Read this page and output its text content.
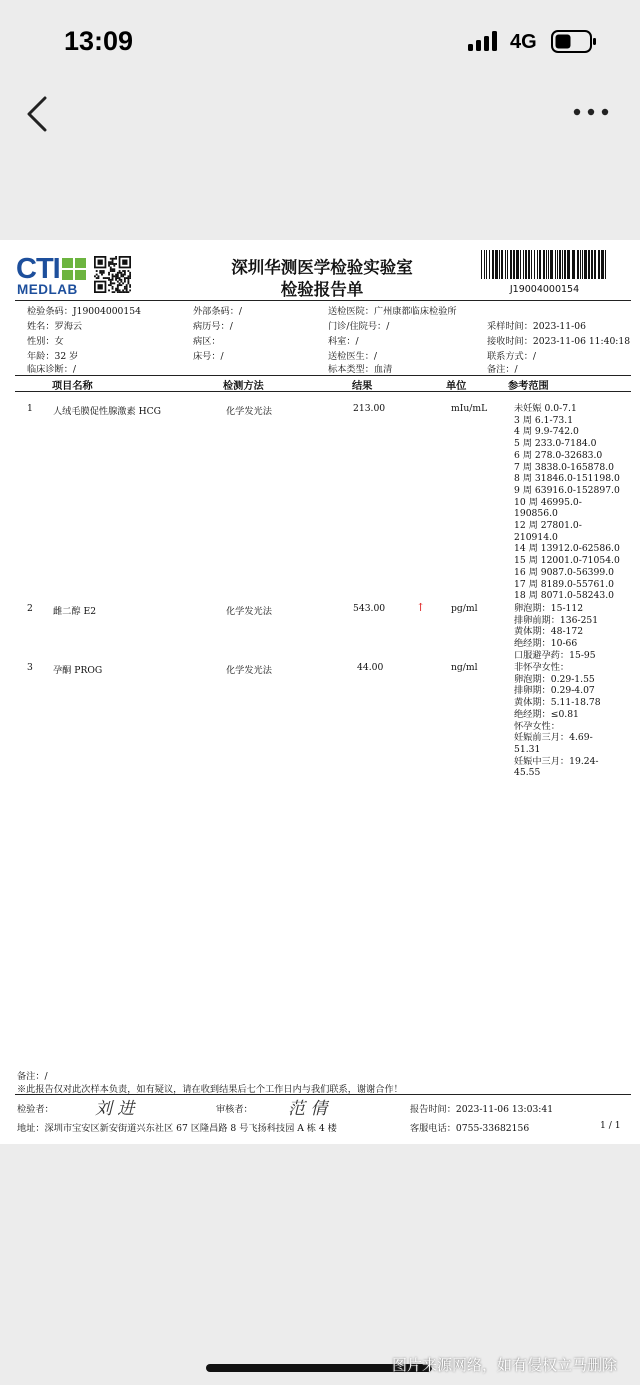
13:09	4G
CTI
MEDLAB
深圳华测医学检验实验室
检验报告单	J19004000154
检验条码：J19004000154	外部条码：/	送检医院：广州康都临床检验所
姓名：罗海云	病历号：/	门诊/住院号：/	采样时间：2023-11-06
性别：女	病区：	科室：/	接收时间：2023-11-06 11:40:18
年龄：32 岁	床号：/	送检医生：/	联系方式：/
临床诊断：/	标本类型：血清	备注：/
项目名称	检测方法	结果	单位	参考范围
1 人绒毛膜促性腺激素 HCG	化学发光法	213.00	mIu/mL	未妊娠 0.0-7.1
3 周 6.1-73.1
4 周 9.9-742.0
5 周 233.0-7184.0
6 周 278.0-32683.0
7 周 3838.0-165878.0
8 周 31846.0-151198.0
9 周 63916.0-152897.0
10 周 46995.0-
190856.0
12 周 27801.0-
210914.0
14 周 13912.0-62586.0
15 周 12001.0-71054.0
16 周 9087.0-56399.0
17 周 8189.0-55761.0
18 周 8071.0-58243.0
2 雌二醇 E2	化学发光法	543.00	↑	pg/ml	卵泡期：15-112
排卵前期：136-251
黄体期：48-172
绝经期：10-66
口服避孕药：15-95
3 孕酮 PROG	化学发光法	44.00	ng/ml	非怀孕女性：
卵泡期：0.29-1.55
排卵期：0.29-4.07
黄体期：5.11-18.78
绝经期：≤0.81
怀孕女性：
妊娠前三月：4.69-
51.31
妊娠中三月：19.24-
45.55
备注：/
※此报告仅对此次样本负责，如有疑议，请在收到结果后七个工作日内与我们联系，谢谢合作！
检验者： 刘 进	审核者： 范 倩	报告时间：2023-11-06 13:03:41
地址：深圳市宝安区新安街道兴东社区 67 区隆昌路 8 号飞扬科技园 A 栋 4 楼	客服电话：0755-33682156	1 / 1
图片来源网络，如有侵权立马删除
